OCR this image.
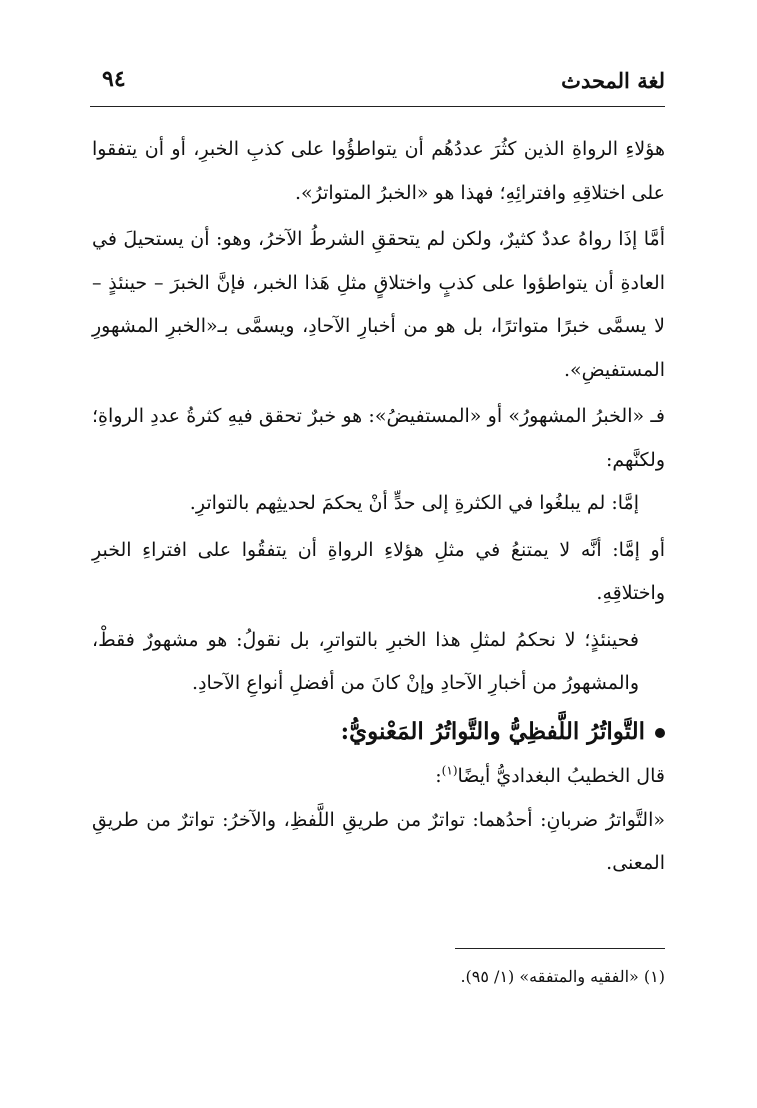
لغة المحدث
٩٤

هؤلاءِ الرواةِ الذين كثُرَ عددُهُم أن يتواطؤُوا على كذبِ الخبرِ، أو أن يتفقوا على اختلاقِهِ وافترائِهِ؛ فهذا هو «الخبرُ المتواترُ».

أمَّا إذَا رواهُ عددٌ كثيرٌ، ولكن لم يتحققِ الشرطُ الآخرُ، وهو: أن يستحيلَ في العادةِ أن يتواطؤوا على كذبٍ واختلاقٍ مثلِ هَذا الخبر، فإنَّ الخبرَ – حينئذٍ – لا يسمَّى خبرًا متواترًا، بل هو من أخبارِ الآحادِ، ويسمَّى بـ«الخبرِ المشهورِ المستفيضِ».

فـ «الخبرُ المشهورُ» أو «المستفيضُ»: هو خبرٌ تحقق فيهِ كثرةُ عددِ الرواةِ؛ ولكنَّهم:

إمَّا: لم يبلغُوا في الكثرةِ إلى حدٍّ أنْ يحكمَ لحديثِهم بالتواترِ.

أو إمَّا: أنَّه لا يمتنعُ في مثلِ هؤلاءِ الرواةِ أن يتفقُوا على افتراءِ الخبرِ واختلاقِهِ.

فحينئذٍ؛ لا نحكمُ لمثلِ هذا الخبرِ بالتواترِ، بل نقولُ: هو مشهورٌ فقطْ، والمشهورُ من أخبارِ الآحادِ وإنْ كانَ من أفضلِ أنواعِ الآحادِ.

التَّواتُرُ اللَّفظِيُّ والتَّواتُرُ المَعْنويُّ:

قال الخطيبُ البغداديُّ أيضًا$^{(١)}$:

«التَّواترُ ضربانِ: أحدُهما: تواترٌ من طريقِ اللَّفظِ، والآخرُ: تواترٌ من طريقِ المعنى.

(١) «الفقيه والمتفقه» (١/ ٩٥).
